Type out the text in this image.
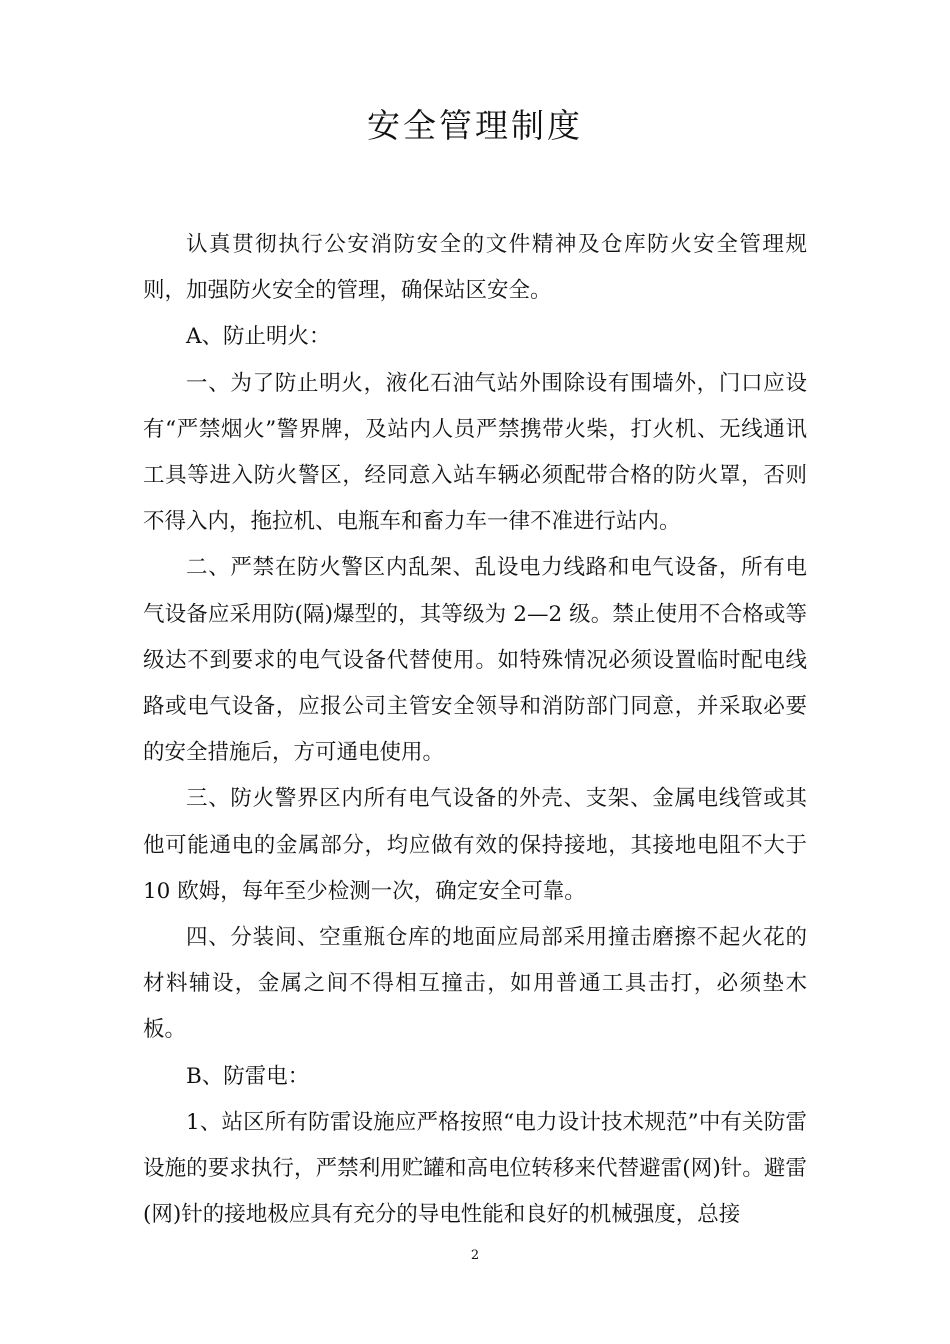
安全管理制度

认真贯彻执行公安消防安全的文件精神及仓库防火安全管理规则，加强防火安全的管理，确保站区安全。

A、防止明火：

一、为了防止明火，液化石油气站外围除设有围墙外，门口应设有“严禁烟火”警界牌，及站内人员严禁携带火柴，打火机、无线通讯工具等进入防火警区，经同意入站车辆必须配带合格的防火罩，否则不得入内，拖拉机、电瓶车和畜力车一律不准进行站内。

二、严禁在防火警区内乱架、乱设电力线路和电气设备，所有电气设备应采用防(隔)爆型的，其等级为 2—2 级。禁止使用不合格或等级达不到要求的电气设备代替使用。如特殊情况必须设置临时配电线路或电气设备，应报公司主管安全领导和消防部门同意，并采取必要的安全措施后，方可通电使用。

三、防火警界区内所有电气设备的外壳、支架、金属电线管或其他可能通电的金属部分，均应做有效的保持接地，其接地电阻不大于 10 欧姆，每年至少检测一次，确定安全可靠。

四、分装间、空重瓶仓库的地面应局部采用撞击磨擦不起火花的材料辅设，金属之间不得相互撞击，如用普通工具击打，必须垫木板。

B、防雷电：

1、站区所有防雷设施应严格按照“电力设计技术规范”中有关防雷设施的要求执行，严禁利用贮罐和高电位转移来代替避雷(网)针。避雷(网)针的接地极应具有充分的导电性能和良好的机械强度，总接

2
